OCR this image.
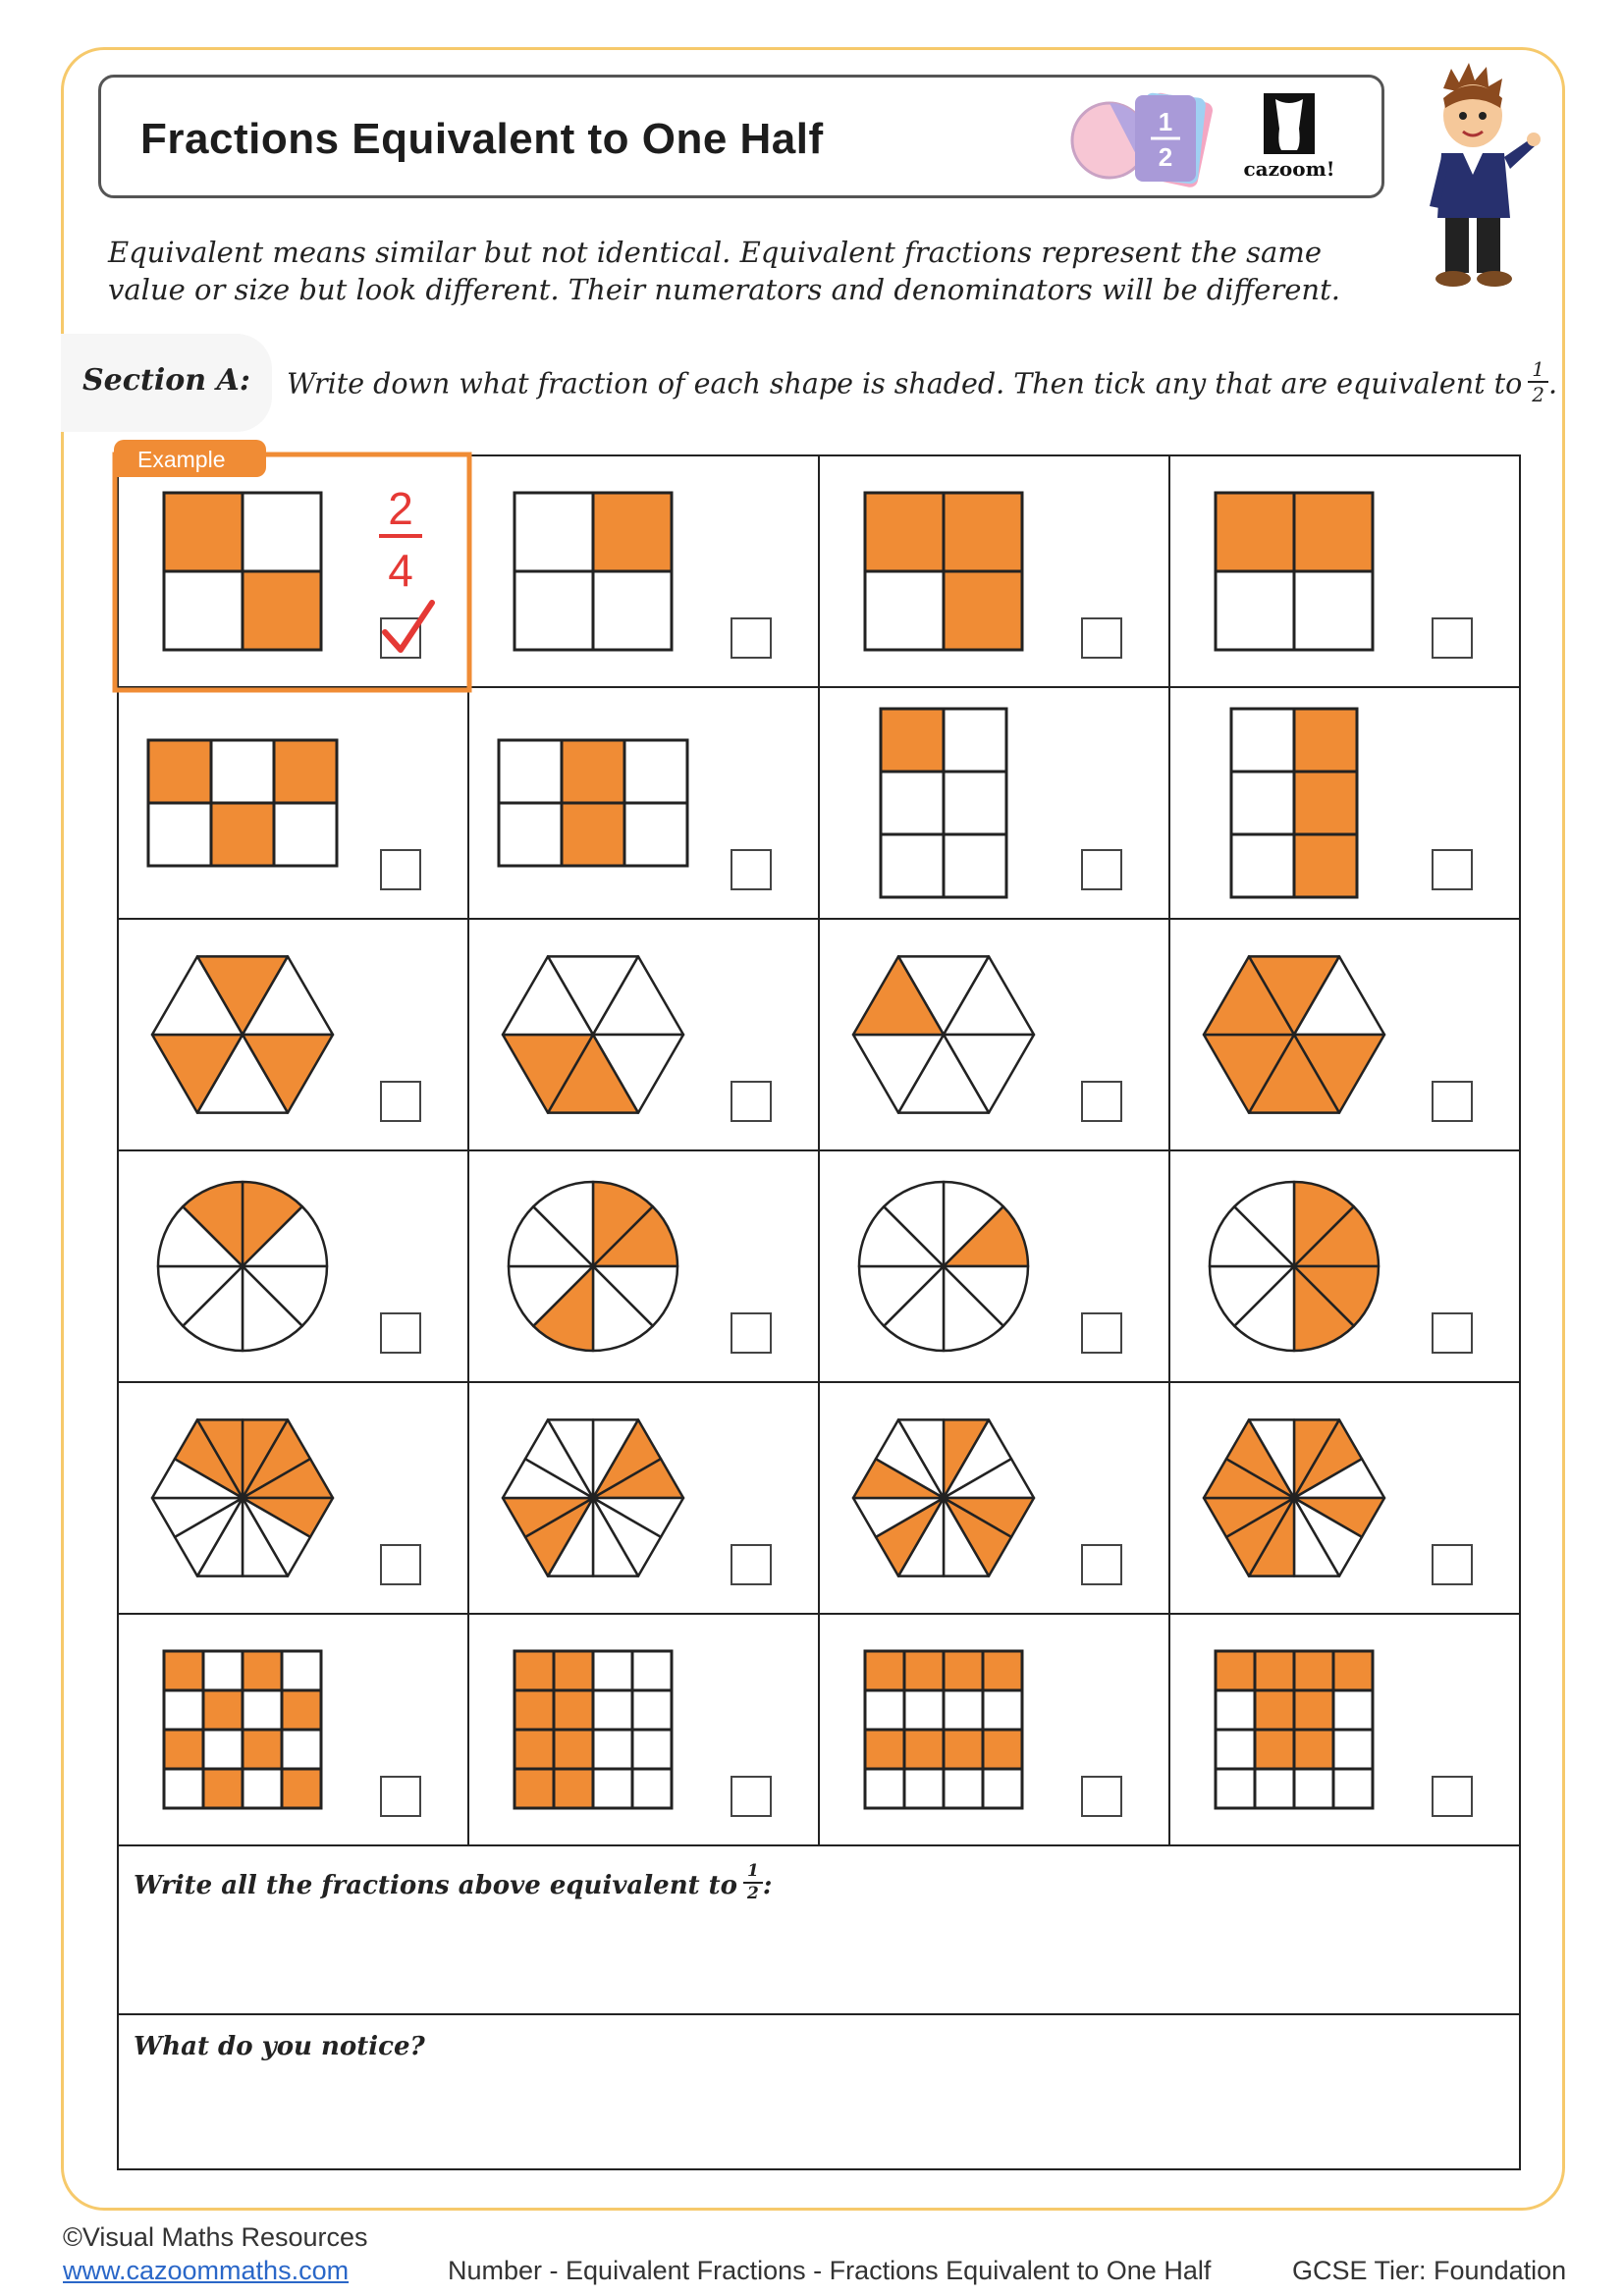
Fractions Equivalent to One Half	1
2	cazoom!
Equivalent means similar but not identical. Equivalent fractions represent the same value or size but look different. Their numerators and denominators will be different.
Section A: Write down what fraction of each shape is shaded. Then tick any that are equivalent to $\frac{1}{2}$ .
2
4
Example
Write all the fractions above equivalent to $\frac{1}{2}$ :
What do you notice?
©Visual Maths Resources
www.cazoommaths.com	Number - Equivalent Fractions - Fractions Equivalent to One Half	GCSE Tier: Foundation
